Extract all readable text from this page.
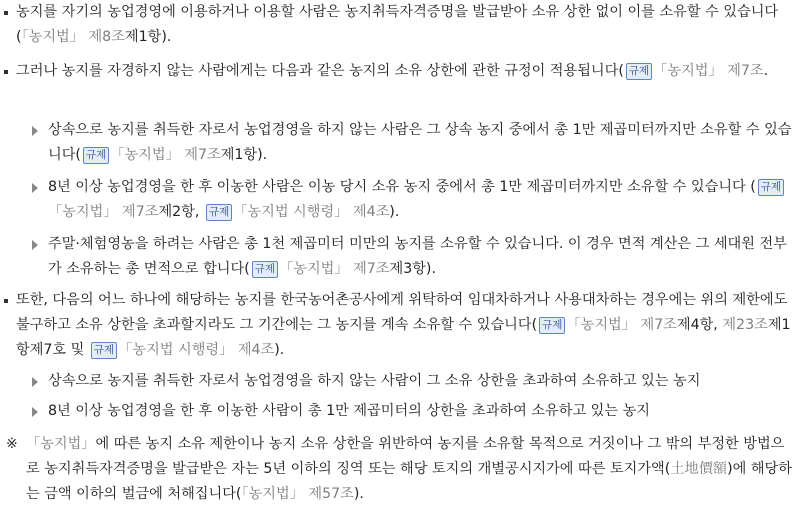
농지를 자기의 농업경영에 이용하거나 이용할 사람은 농지취득자격증명을 발급받아 소유 상한 없이 이를 소유할 수 있습니다(「농지법」 제8조제1항).
그러나 농지를 자경하지 않는 사람에게는 다음과 같은 농지의 소유 상한에 관한 규정이 적용됩니다( 규제 「농지법」 제7조.
상속으로 농지를 취득한 자로서 농업경영을 하지 않는 사람은 그 상속 농지 중에서 총 1만 제곱미터까지만 소유할 수 있습니다( 규제 「농지법」 제7조제1항).
8년 이상 농업경영을 한 후 이농한 사람은 이농 당시 소유 농지 중에서 총 1만 제곱미터까지만 소유할 수 있습니다 ( 규제「농지법」 제7조제2항, 규제 「농지법 시행령」 제4조).
주말·체험영농을 하려는 사람은 총 1천 제곱미터 미만의 농지를 소유할 수 있습니다. 이 경우 면적 계산은 그 세대원 전부가 소유하는 총 면적으로 합니다( 규제 「농지법」 제7조제3항).
또한, 다음의 어느 하나에 해당하는 농지를 한국농어촌공사에게 위탁하여 임대차하거나 사용대차하는 경우에는 위의 제한에도 불구하고 소유 상한을 초과할지라도 그 기간에는 그 농지를 계속 소유할 수 있습니다( 규제 「농지법」 제7조제4항, 제23조제1항제7호 및 규제 「농지법 시행령」 제4조).
상속으로 농지를 취득한 자로서 농업경영을 하지 않는 사람이 그 소유 상한을 초과하여 소유하고 있는 농지
8년 이상 농업경영을 한 후 이농한 사람이 총 1만 제곱미터의 상한을 초과하여 소유하고 있는 농지
※ 「농지법」에 따른 농지 소유 제한이나 농지 소유 상한을 위반하여 농지를 소유할 목적으로 거짓이나 그 밖의 부정한 방법으로 농지취득자격증명을 발급받은 자는 5년 이하의 징역 또는 해당 토지의 개별공시지가에 따른 토지가액(土地價額)에 해당하는 금액 이하의 벌금에 처해집니다(「농지법」 제57조).
